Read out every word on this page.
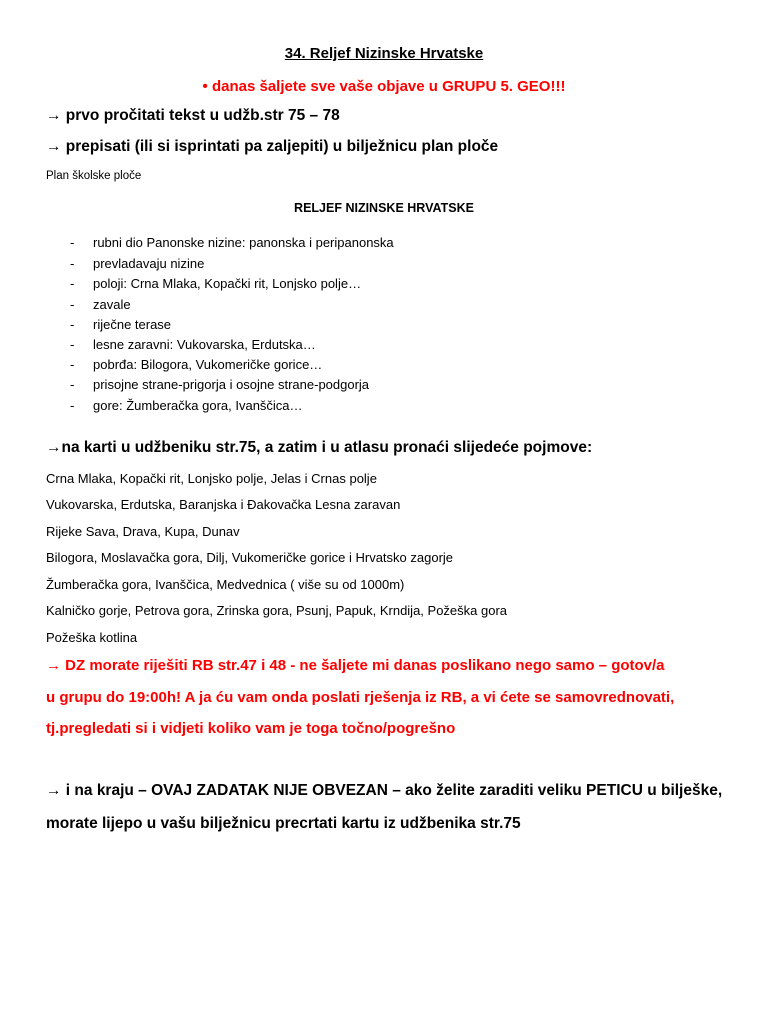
34. Reljef Nizinske Hrvatske
• danas šaljete sve vaše objave u GRUPU 5. GEO!!!
→ prvo pročitati tekst u udžb.str 75 – 78
→ prepisati (ili si isprintati pa zaljepiti) u bilježnicu plan ploče
Plan školske ploče
RELJEF NIZINSKE HRVATSKE
- rubni dio Panonske nizine: panonska i peripanonska
- prevladavaju nizine
- poloji: Crna Mlaka, Kopački rit, Lonjsko polje…
- zavale
- riječne terase
- lesne zaravni: Vukovarska, Erdutska…
- pobrđa: Bilogora, Vukomeričke gorice…
- prisojne strane-prigorja i osojne strane-podgorja
- gore: Žumberačka gora, Ivanščica…
→na karti u udžbeniku str.75, a zatim i u atlasu pronaći slijedeće pojmove:
Crna Mlaka, Kopački rit, Lonjsko polje, Jelas i Crnas polje
Vukovarska, Erdutska, Baranjska i Đakovačka Lesna zaravan
Rijeke Sava, Drava, Kupa, Dunav
Bilogora, Moslavačka gora, Dilj, Vukomeričke gorice i Hrvatsko zagorje
Žumberačka gora, Ivanščica, Medvednica ( više su od 1000m)
Kalničko gorje, Petrova gora, Zrinska gora, Psunj, Papuk, Krndija, Požeška gora
Požeška kotlina
→ DZ morate riješiti RB str.47 i 48 - ne šaljete mi danas poslikano nego samo – gotov/a
u grupu do 19:00h! A ja ću vam onda poslati rješenja iz RB, a vi ćete se samovrednovati,
tj.pregledati si i vidjeti koliko vam je toga točno/pogrešno
→ i na kraju – OVAJ ZADATAK NIJE OBVEZAN – ako želite zaraditi veliku PETICU u bilješke,
morate lijepo u vašu bilježnicu precrtati kartu iz udžbenika str.75
